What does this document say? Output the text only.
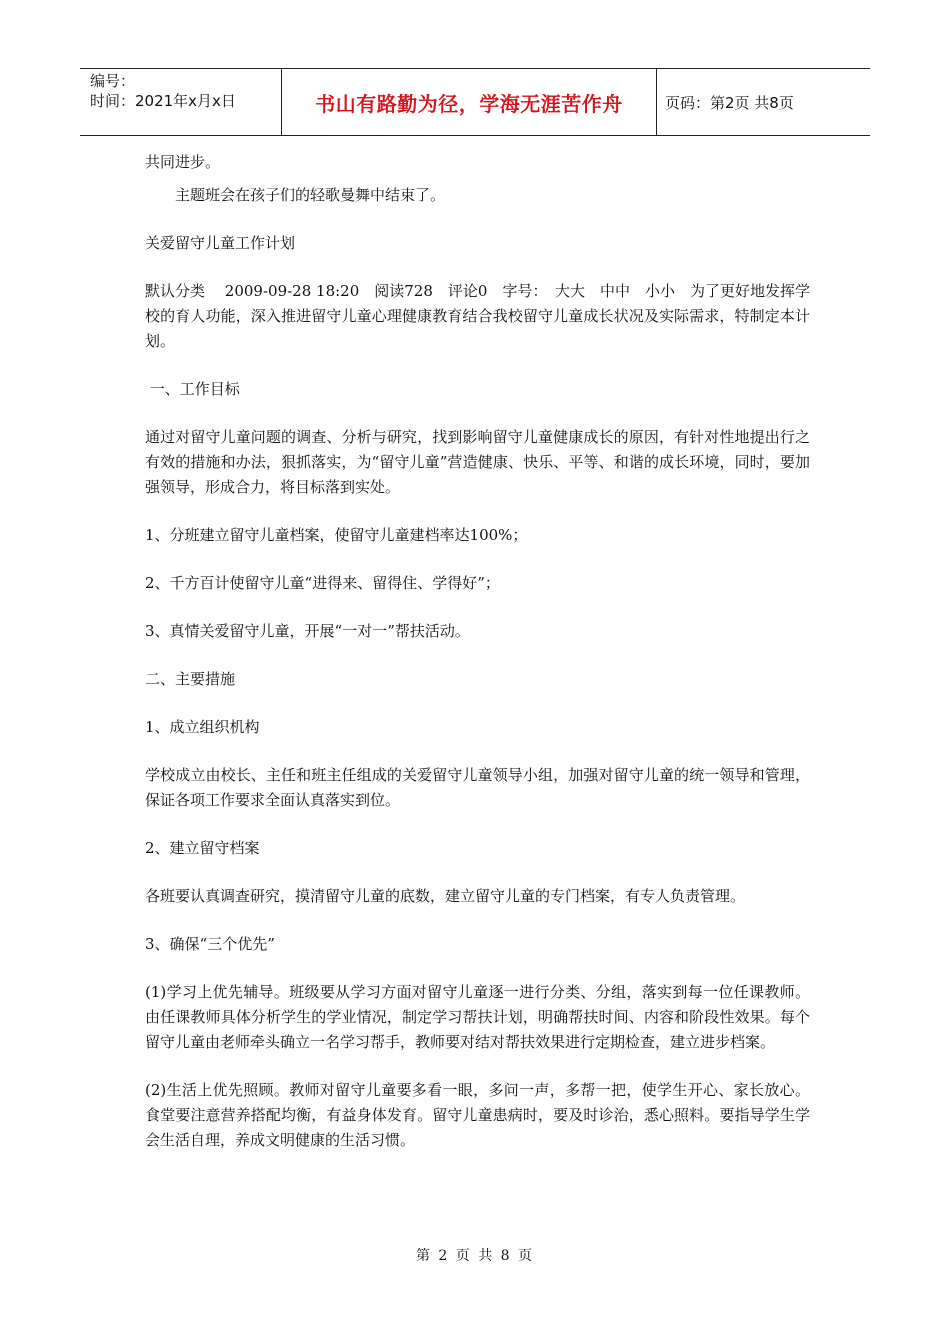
编号：
时间：2021年x月x日	书山有路勤为径，学海无涯苦作舟	页码：第2页 共8页

共同进步。

主题班会在孩子们的轻歌曼舞中结束了。

关爱留守儿童工作计划

默认分类　 2009-09-28 18:20　阅读728　评论0　字号：　大大　中中　小小　为了更好地发挥学校的育人功能，深入推进留守儿童心理健康教育结合我校留守儿童成长状况及实际需求，特制定本计划。

一、工作目标

通过对留守儿童问题的调查、分析与研究，找到影响留守儿童健康成长的原因，有针对性地提出行之有效的措施和办法，狠抓落实，为“留守儿童”营造健康、快乐、平等、和谐的成长环境，同时，要加强领导，形成合力，将目标落到实处。

1、分班建立留守儿童档案，使留守儿童建档率达100%；

2、千方百计使留守儿童“进得来、留得住、学得好”；

3、真情关爱留守儿童，开展“一对一”帮扶活动。

二、主要措施

1、成立组织机构

学校成立由校长、主任和班主任组成的关爱留守儿童领导小组，加强对留守儿童的统一领导和管理，保证各项工作要求全面认真落实到位。

2、建立留守档案

各班要认真调查研究，摸清留守儿童的底数，建立留守儿童的专门档案，有专人负责管理。

3、确保“三个优先”

(1)学习上优先辅导。班级要从学习方面对留守儿童逐一进行分类、分组，落实到每一位任课教师。由任课教师具体分析学生的学业情况，制定学习帮扶计划，明确帮扶时间、内容和阶段性效果。每个留守儿童由老师牵头确立一名学习帮手，教师要对结对帮扶效果进行定期检查，建立进步档案。

(2)生活上优先照顾。教师对留守儿童要多看一眼，多问一声，多帮一把，使学生开心、家长放心。食堂要注意营养搭配均衡，有益身体发育。留守儿童患病时，要及时诊治，悉心照料。要指导学生学会生活自理，养成文明健康的生活习惯。

第 2 页 共 8 页
